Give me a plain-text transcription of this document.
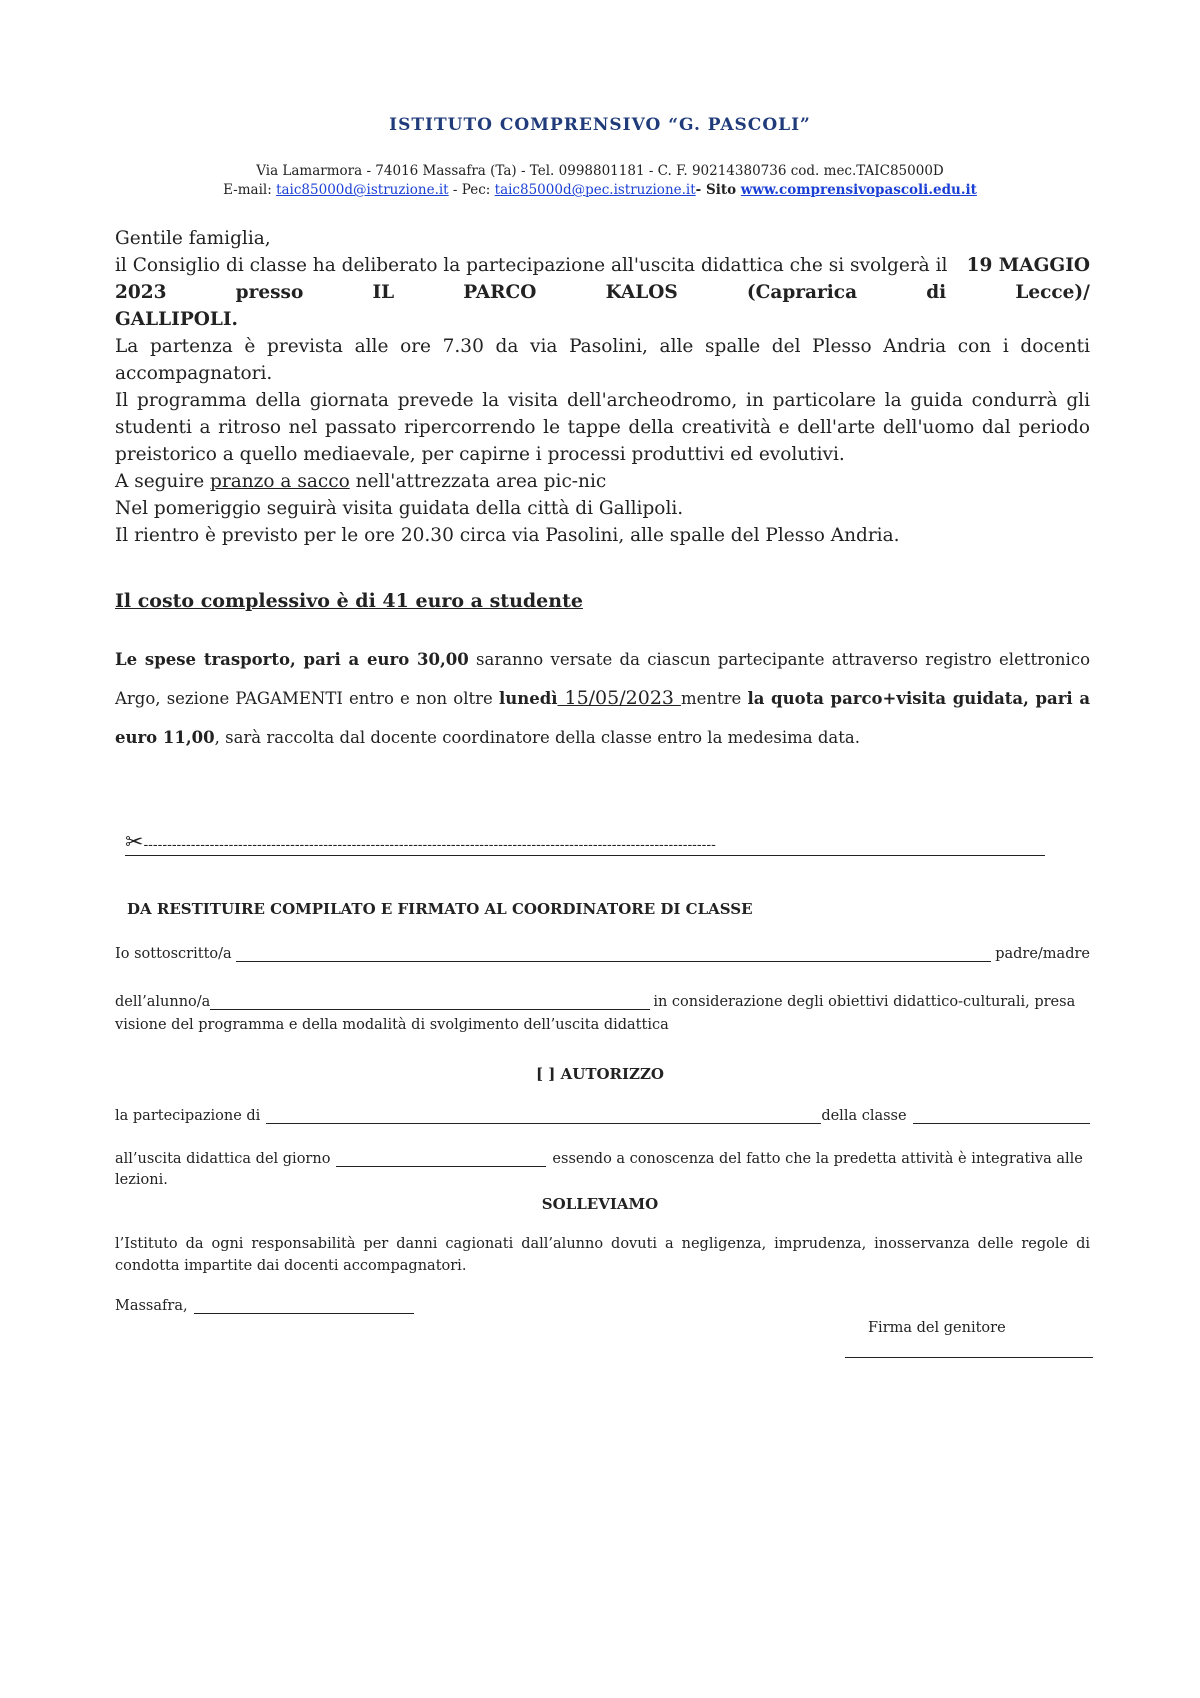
ISTITUTO COMPRENSIVO “G. PASCOLI”
Via Lamarmora - 74016 Massafra (Ta) - Tel. 0998801181 - C. F. 90214380736 cod. mec.TAIC85000D
E-mail: taic85000d@istruzione.it - Pec: taic85000d@pec.istruzione.it- Sito www.comprensivopascoli.edu.it
Gentile famiglia,
il Consiglio di classe ha deliberato la partecipazione all'uscita didattica che si svolgerà il 19 MAGGIO
2023	presso	IL	PARCO	KALOS	(Capraricа	di	Lecce)/
GALLIPOLI.
La partenza è prevista alle ore 7.30 da via Pasolini, alle spalle del Plesso Andria con i docenti
accompagnatori.
Il programma della giornata prevede la visita dell'archeodromo, in particolare la guida condurrà gli
studenti a ritroso nel passato ripercorrendo le tappe della creatività e dell'arte dell'uomo dal periodo
preistorico a quello mediaevale, per capirne i processi produttivi ed evolutivi.
A seguire pranzo a sacco nell'attrezzata area pic-nic
Nel pomeriggio seguirà visita guidata della città di Gallipoli.
Il rientro è previsto per le ore 20.30 circa via Pasolini, alle spalle del Plesso Andria.
Il costo complessivo è di 41 euro a studente
Le spese trasporto, pari a euro 30,00 saranno versate da ciascun partecipante attraverso registro elettronico Argo, sezione PAGAMENTI entro e non oltre lunedì 15/05/2023 mentre la quota parco+visita guidata, pari a euro 11,00, sarà raccolta dal docente coordinatore della classe entro la medesima data.
✂-------------------------------------------------------------------------------------------------------------------------
DA RESTITUIRE COMPILATO E FIRMATO AL COORDINATORE DI CLASSE
Io sottoscritto/a	padre/madre
dell’alunno/a	in considerazione degli obiettivi didattico-culturali, presa
visione del programma e della modalità di svolgimento dell’uscita didattica
[ ] AUTORIZZO
la partecipazione di	della classe
all’uscita didattica del giorno	essendo a conoscenza del fatto che la predetta attività è integrativa alle
lezioni.
SOLLEVIAMO
l’Istituto da ogni responsabilità per danni cagionati dall’alunno dovuti a negligenza, imprudenza, inosservanza delle regole di
condotta impartite dai docenti accompagnatori.
Massafra,
Firma del genitore
